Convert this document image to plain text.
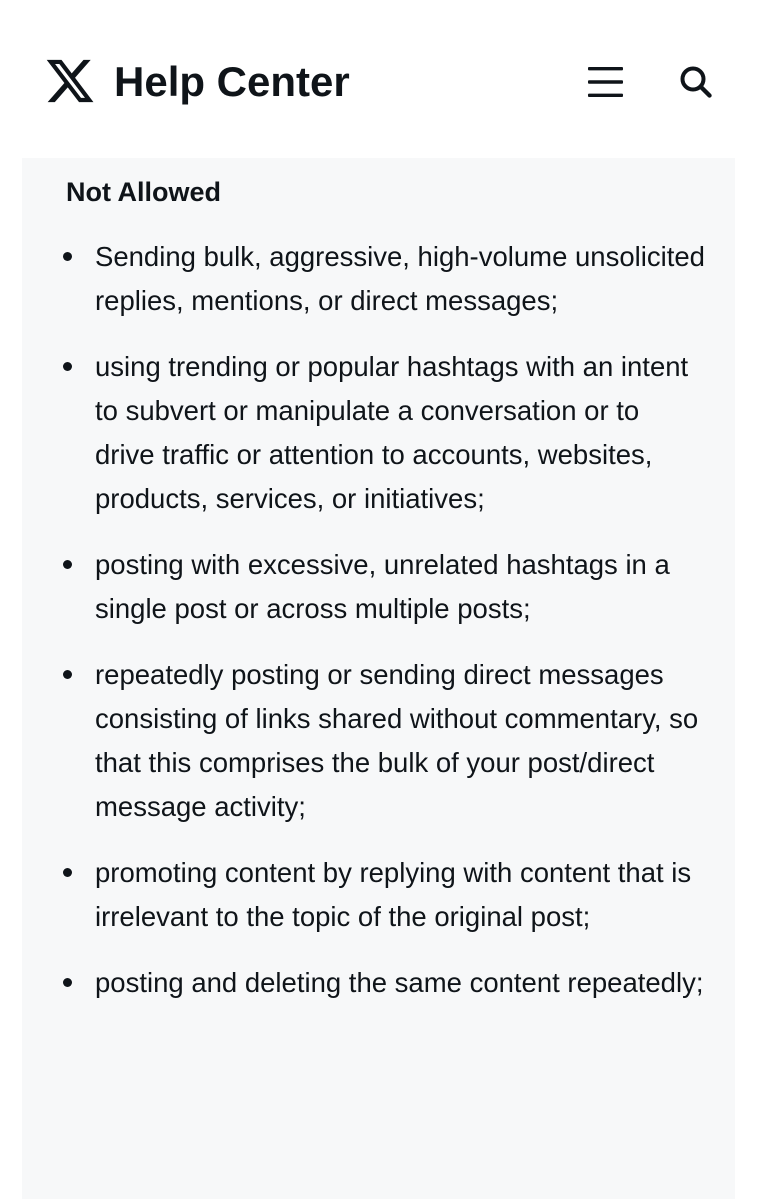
Help Center
Not Allowed
Sending bulk, aggressive, high-volume unsolicited replies, mentions, or direct messages;
using trending or popular hashtags with an intent to subvert or manipulate a conversation or to drive traffic or attention to accounts, websites, products, services, or initiatives;
posting with excessive, unrelated hashtags in a single post or across multiple posts;
repeatedly posting or sending direct messages consisting of links shared without commentary, so that this comprises the bulk of your post/direct message activity;
promoting content by replying with content that is irrelevant to the topic of the original post;
posting and deleting the same content repeatedly;
